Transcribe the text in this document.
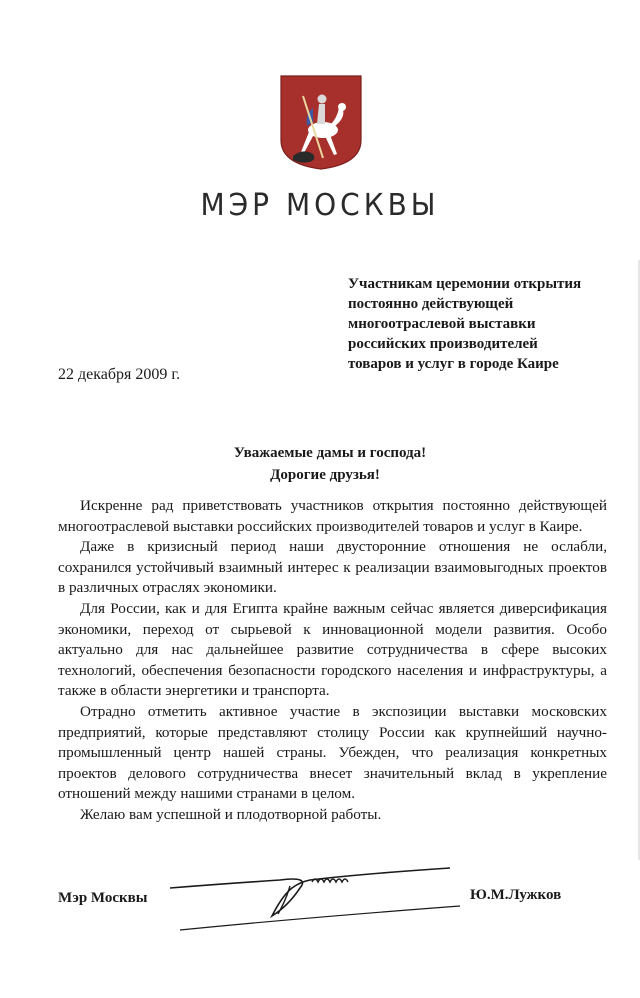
МЭР МОСКВЫ
Участникам церемонии открытия
постоянно действующей
многоотраслевой выставки
российских производителей
товаров и услуг в городе Каире
22 декабря 2009 г.
Уважаемые дамы и господа!
Дорогие друзья!

Искренне рад приветствовать участников открытия постоянно действующей многоотраслевой выставки российских производителей товаров и услуг в Каире.

Даже в кризисный период наши двусторонние отношения не ослабли, сохранился устойчивый взаимный интерес к реализации взаимовыгодных проектов в различных отраслях экономики.

Для России, как и для Египта крайне важным сейчас является диверсификация экономики, переход от сырьевой к инновационной модели развития. Особо актуально для нас дальнейшее развитие сотрудничества в сфере высоких технологий, обеспечения безопасности городского населения и инфраструктуры, а также в области энергетики и транспорта.

Отрадно отметить активное участие в экспозиции выставки московских предприятий, которые представляют столицу России как крупнейший научно-промышленный центр нашей страны. Убежден, что реализация конкретных проектов делового сотрудничества внесет значительный вклад в укрепление отношений между нашими странами в целом.

Желаю вам успешной и плодотворной работы.

Мэр Москвы	Ю.М.Лужков
